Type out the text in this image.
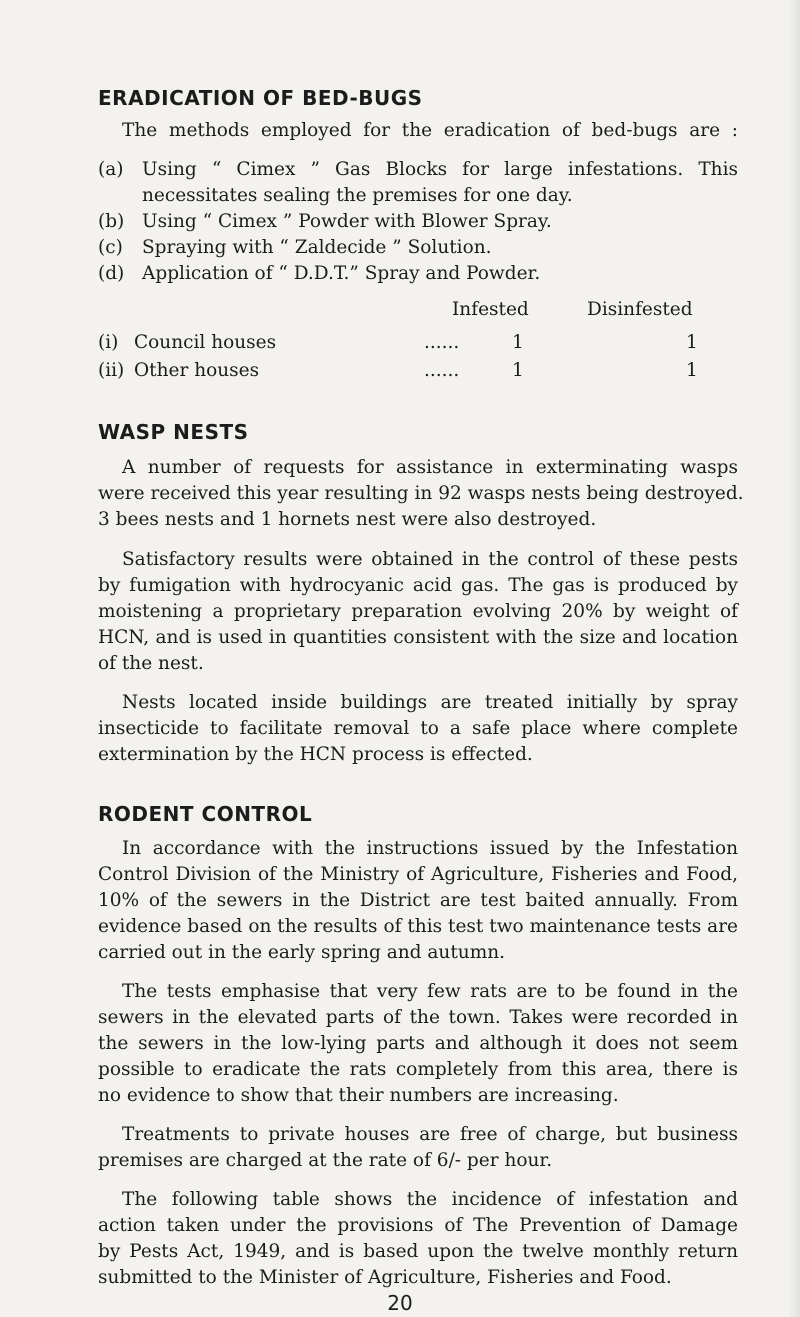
ERADICATION OF BED-BUGS
The methods employed for the eradication of bed-bugs are :
(a) Using “ Cimex ” Gas Blocks for large infestations. This
necessitates sealing the premises for one day.
(b) Using “ Cimex ” Powder with Blower Spray.
(c) Spraying with “ Zaldecide ” Solution.
(d) Application of “ D.D.T.” Spray and Powder.
Infested	Disinfested
(i) Council houses	......	1	1
(ii) Other houses	......	1	1
WASP NESTS
A number of requests for assistance in exterminating wasps
were received this year resulting in 92 wasps nests being destroyed.
3 bees nests and 1 hornets nest were also destroyed.
Satisfactory results were obtained in the control of these pests
by fumigation with hydrocyanic acid gas. The gas is produced by
moistening a proprietary preparation evolving 20% by weight of
HCN, and is used in quantities consistent with the size and location
of the nest.
Nests located inside buildings are treated initially by spray
insecticide to facilitate removal to a safe place where complete
extermination by the HCN process is effected.
RODENT CONTROL
In accordance with the instructions issued by the Infestation
Control Division of the Ministry of Agriculture, Fisheries and Food,
10% of the sewers in the District are test baited annually. From
evidence based on the results of this test two maintenance tests are
carried out in the early spring and autumn.
The tests emphasise that very few rats are to be found in the
sewers in the elevated parts of the town. Takes were recorded in
the sewers in the low-lying parts and although it does not seem
possible to eradicate the rats completely from this area, there is
no evidence to show that their numbers are increasing.
Treatments to private houses are free of charge, but business
premises are charged at the rate of 6/- per hour.
The following table shows the incidence of infestation and
action taken under the provisions of The Prevention of Damage
by Pests Act, 1949, and is based upon the twelve monthly return
submitted to the Minister of Agriculture, Fisheries and Food.
20
